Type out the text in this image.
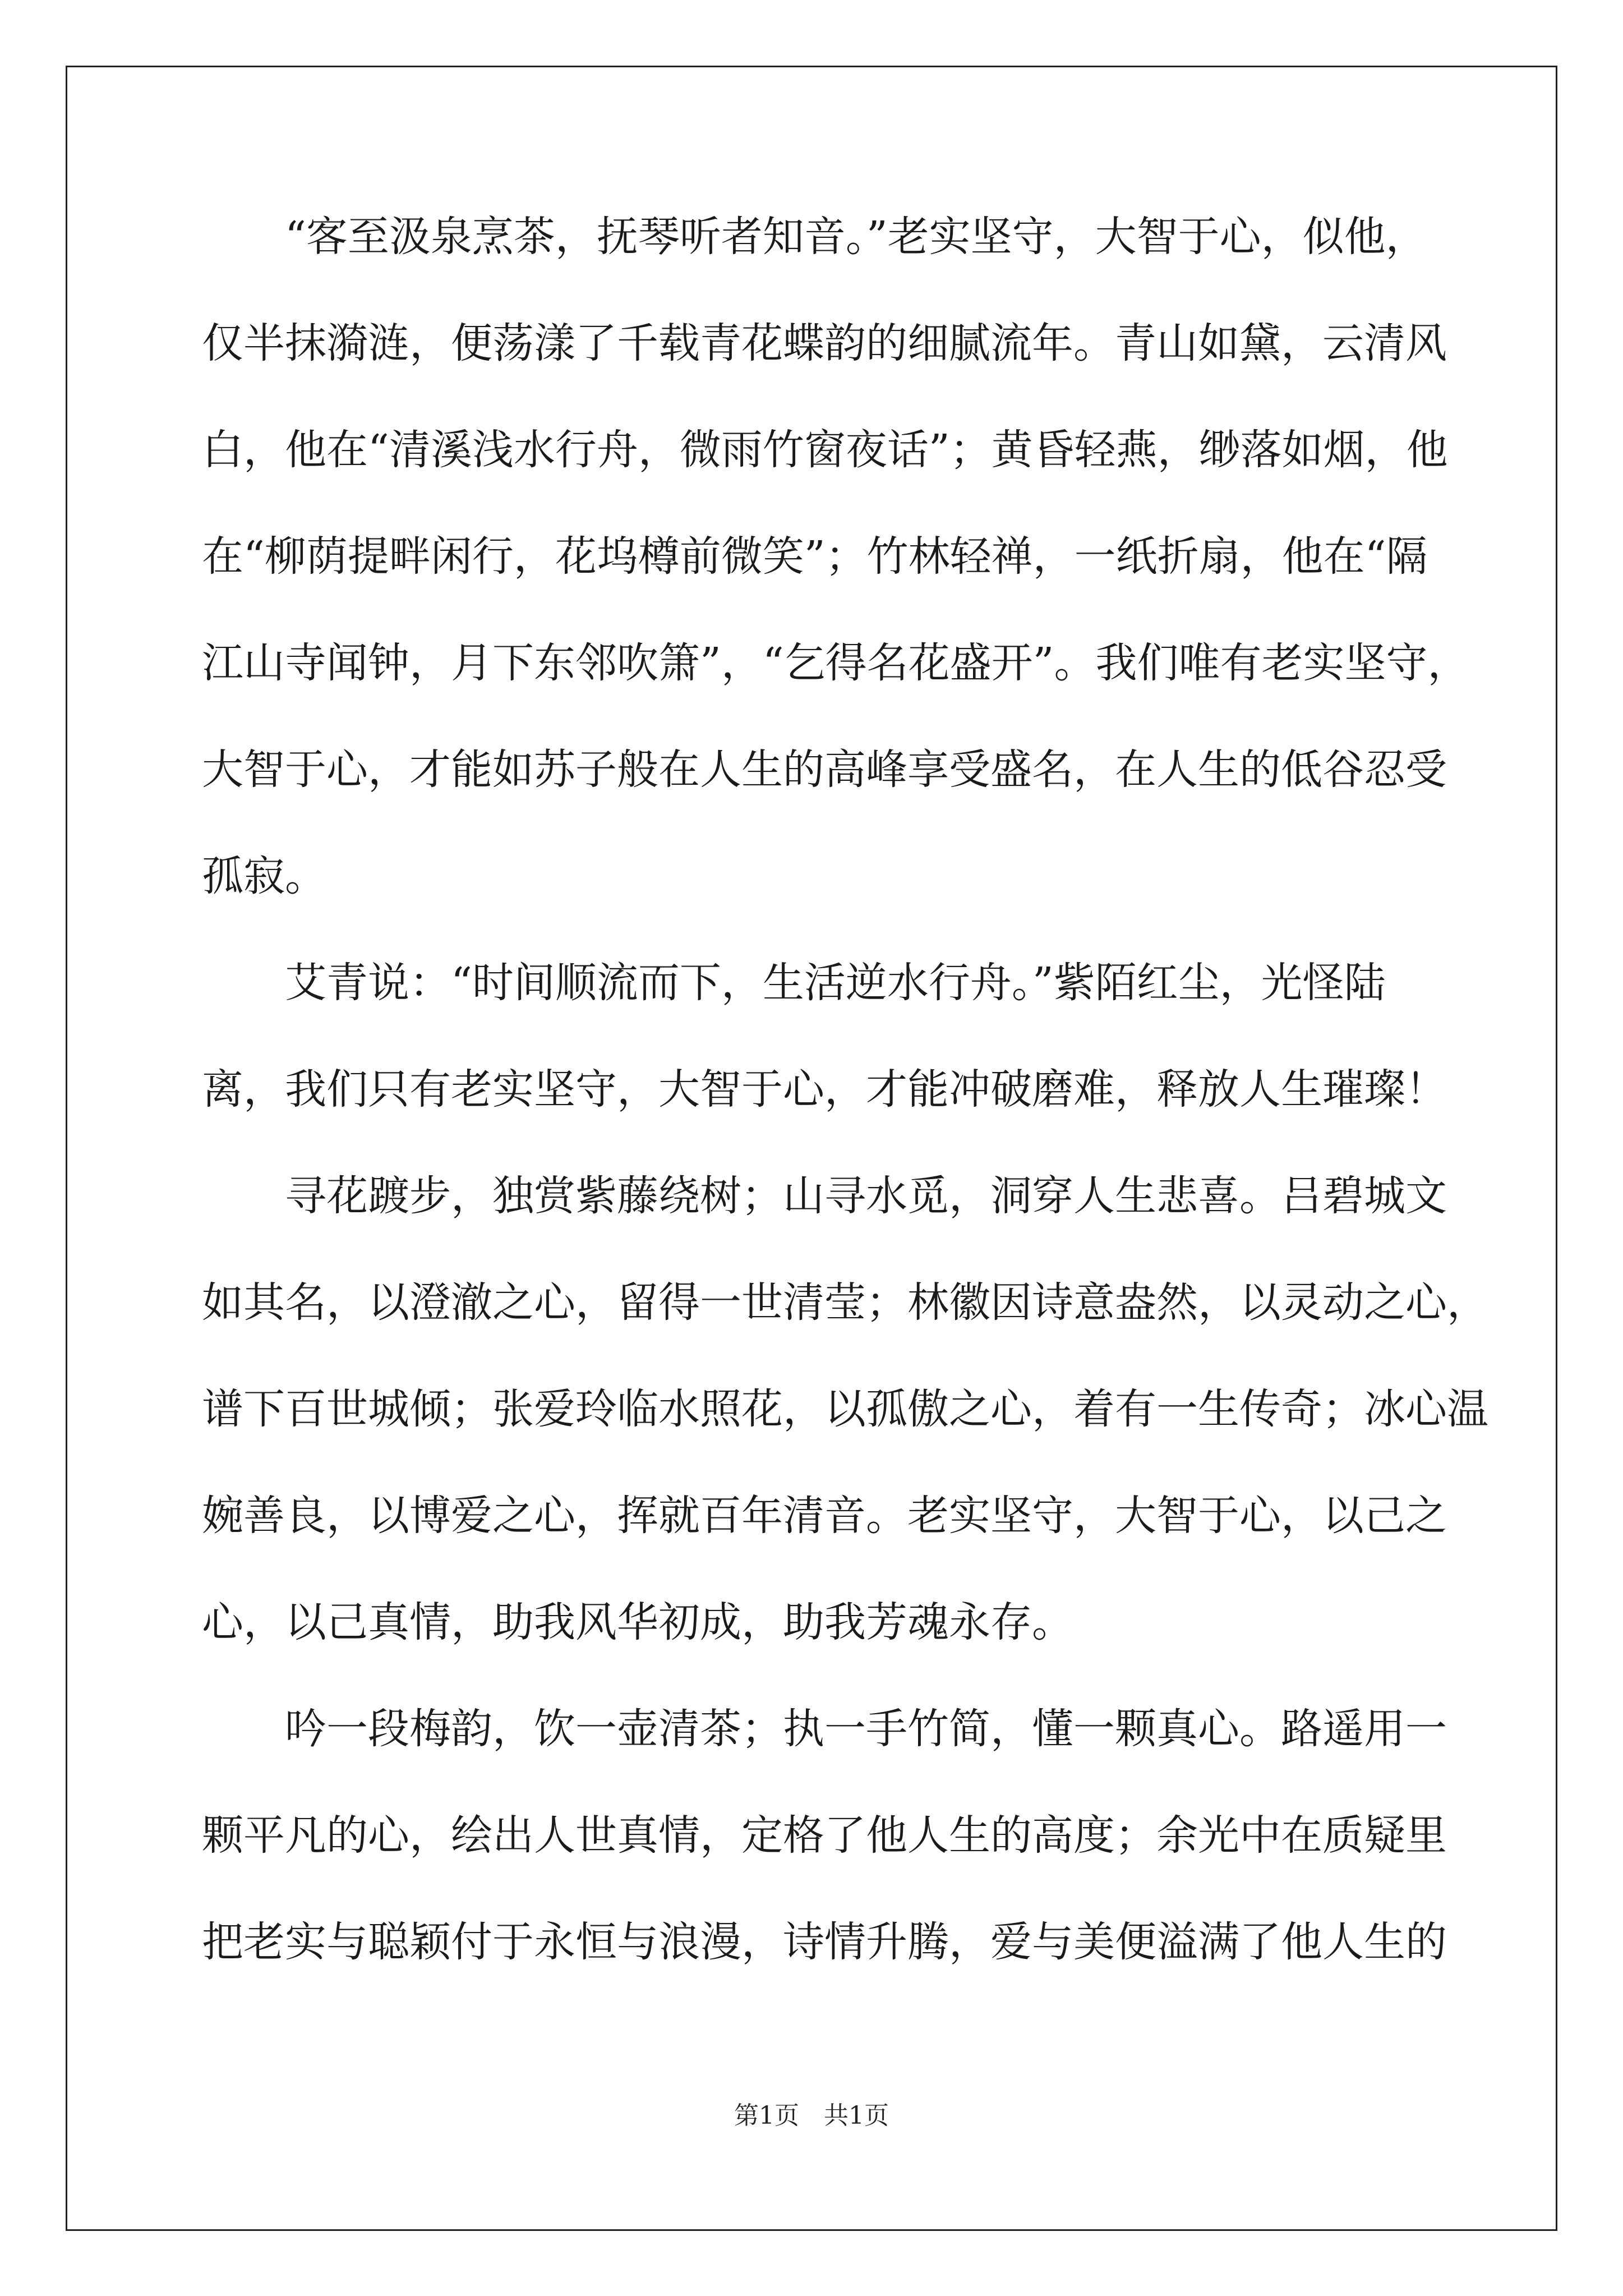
“客至汲泉烹茶，抚琴听者知音。”老实坚守，大智于心，似他，
仅半抹漪涟，便荡漾了千载青花蝶韵的细腻流年。青山如黛，云清风
白，他在“清溪浅水行舟，微雨竹窗夜话”；黄昏轻燕，缈落如烟，他
在“柳荫提畔闲行，花坞樽前微笑”；竹林轻禅，一纸折扇，他在“隔
江山寺闻钟，月下东邻吹箫”，“乞得名花盛开”。我们唯有老实坚守，
大智于心，才能如苏子般在人生的高峰享受盛名，在人生的低谷忍受
孤寂。
艾青说：“时间顺流而下，生活逆水行舟。”紫陌红尘，光怪陆
离，我们只有老实坚守，大智于心，才能冲破磨难，释放人生璀璨！
寻花踱步，独赏紫藤绕树；山寻水觅，洞穿人生悲喜。吕碧城文
如其名，以澄澈之心，留得一世清莹；林徽因诗意盎然，以灵动之心，
谱下百世城倾；张爱玲临水照花，以孤傲之心，着有一生传奇；冰心温
婉善良，以博爱之心，挥就百年清音。老实坚守，大智于心，以己之
心，以己真情，助我风华初成，助我芳魂永存。
吟一段梅韵，饮一壶清茶；执一手竹简，懂一颗真心。路遥用一
颗平凡的心，绘出人世真情，定格了他人生的高度；余光中在质疑里
把老实与聪颖付于永恒与浪漫，诗情升腾，爱与美便溢满了他人生的
第1页　共1页
